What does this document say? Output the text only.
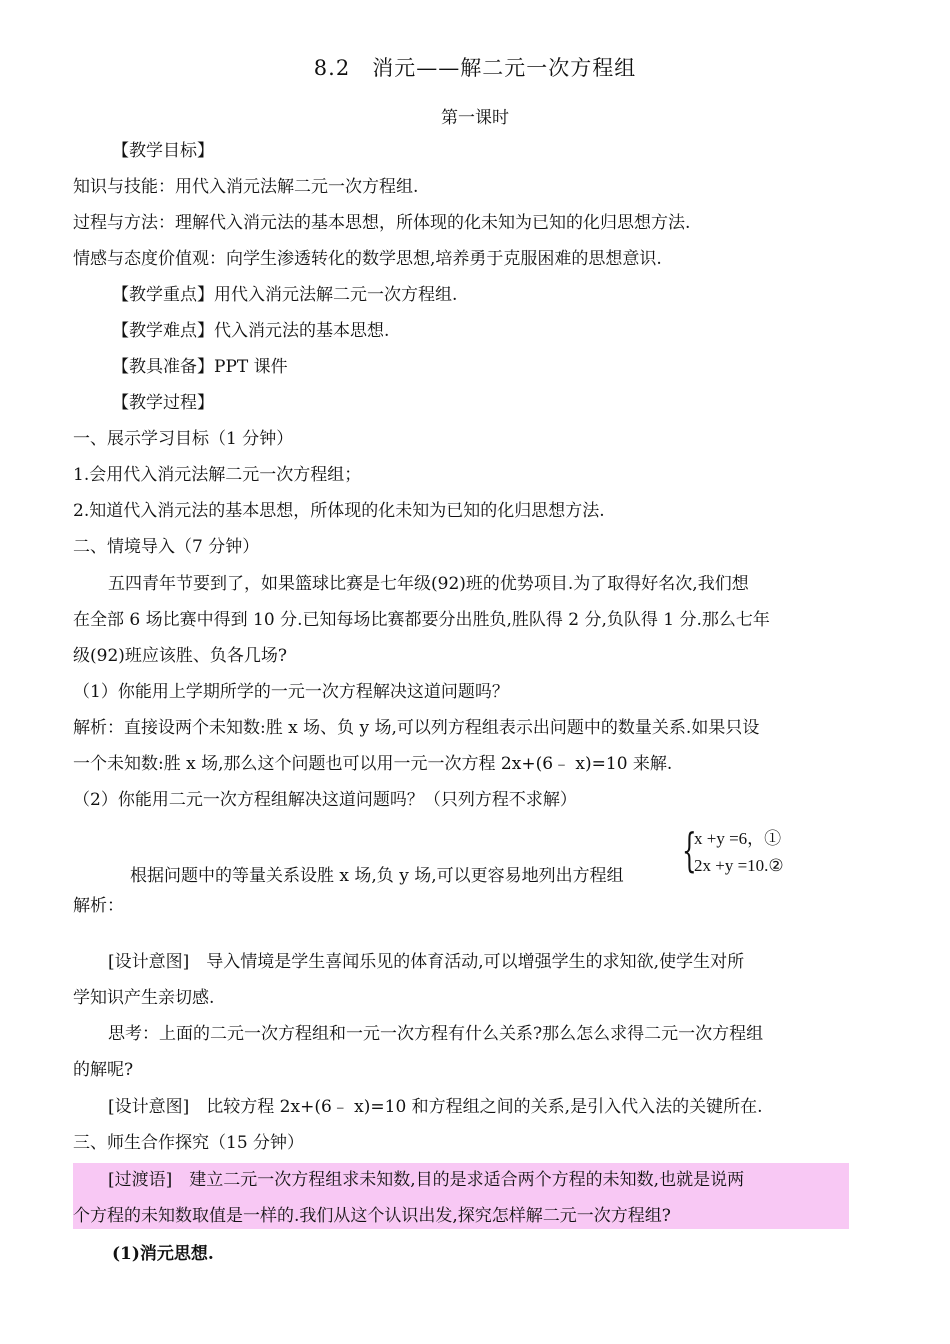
8.2　消元——解二元一次方程组
第一课时
【教学目标】
知识与技能：用代入消元法解二元一次方程组.
过程与方法：理解代入消元法的基本思想，所体现的化未知为已知的化归思想方法.
情感与态度价值观：向学生渗透转化的数学思想,培养勇于克服困难的思想意识.
【教学重点】用代入消元法解二元一次方程组.
【教学难点】代入消元法的基本思想.
【教具准备】PPT 课件
【教学过程】
一、展示学习目标（1 分钟）
1.会用代入消元法解二元一次方程组；
2.知道代入消元法的基本思想，所体现的化未知为已知的化归思想方法.
二、情境导入（7 分钟）
五四青年节要到了，如果篮球比赛是七年级(92)班的优势项目.为了取得好名次,我们想
在全部 6 场比赛中得到 10 分.已知每场比赛都要分出胜负,胜队得 2 分,负队得 1 分.那么七年
级(92)班应该胜、负各几场?
（1）你能用上学期所学的一元一次方程解决这道问题吗？
解析：直接设两个未知数:胜 x 场、负 y 场,可以列方程组表示出问题中的数量关系.如果只设
一个未知数:胜 x 场,那么这个问题也可以用一元一次方程 2x+(6﹣ x)=10 来解.
（2）你能用二元一次方程组解决这道问题吗？（只列方程不求解）
根据问题中的等量关系设胜 x 场,负 y 场,可以更容易地列出方程组 {
x +y =6，①
2x +y =10.②
解析：
[设计意图]　导入情境是学生喜闻乐见的体育活动,可以增强学生的求知欲,使学生对所
学知识产生亲切感.
思考：上面的二元一次方程组和一元一次方程有什么关系?那么怎么求得二元一次方程组
的解呢?
[设计意图]　比较方程 2x+(6﹣ x)=10 和方程组之间的关系,是引入代入法的关键所在.
三、师生合作探究（15 分钟）
[过渡语]　建立二元一次方程组求未知数,目的是求适合两个方程的未知数,也就是说两
个方程的未知数取值是一样的.我们从这个认识出发,探究怎样解二元一次方程组?
(1)消元思想.
